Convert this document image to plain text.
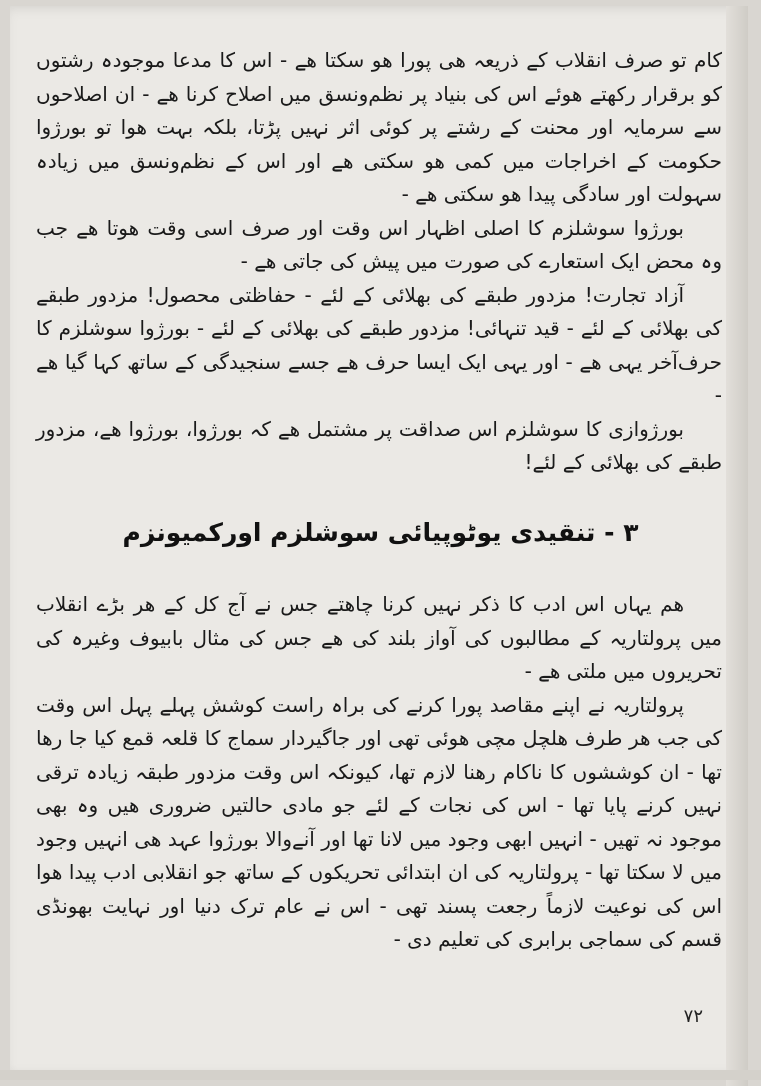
کام تو صرف انقلاب کے ذریعہ ھی پورا ھو سکتا ھے - اس کا مدعا موجودہ رشتوں کو برقرار رکھتے ھوئے اس کی بنیاد پر نظم‌ونسق میں اصلاح کرنا ھے - ان اصلاحوں سے سرمایہ اور محنت کے رشتے پر کوئی اثر نہیں پڑتا، بلکہ بہت ھوا تو بورژوا حکومت کے اخراجات میں کمی ھو سکتی ھے اور اس کے نظم‌ونسق میں زیادہ سہولت اور سادگی پیدا ھو سکتی ھے -

بورژوا سوشلزم کا اصلی اظہار اس وقت اور صرف اسی وقت ھوتا ھے جب وہ محض ایک استعارے کی صورت میں پیش کی جاتی ھے -

آزاد تجارت! مزدور طبقے کی بھلائی کے لئے - حفاظتی محصول! مزدور طبقے کی بھلائی کے لئے - قید تنہائی! مزدور طبقے کی بھلائی کے لئے - بورژوا سوشلزم کا حرف‌آخر یہی ھے - اور یہی ایک ایسا حرف ھے جسے سنجیدگی کے ساتھ کہا گیا ھے -

بورژوازی کا سوشلزم اس صداقت پر مشتمل ھے کہ بورژوا، بورژوا ھے، مزدور طبقے کی بھلائی کے لئے!

۳ - تنقیدی یوٹوپیائی سوشلزم اورکمیونزم

ھم یہاں اس ادب کا ذکر نہیں کرنا چاھتے جس نے آج کل کے ھر بڑے انقلاب میں پرولتاریہ کے مطالبوں کی آواز بلند کی ھے جس کی مثال بابیوف وغیرہ کی تحریروں میں ملتی ھے -

پرولتاریہ نے اپنے مقاصد پورا کرنے کی براہ راست کوشش پہلے پہل اس وقت کی جب ھر طرف ھلچل مچی ھوئی تھی اور جاگیردار سماج کا قلعہ قمع کیا جا رھا تھا - ان کوششوں کا ناکام رھنا لازم تھا، کیونکہ اس وقت مزدور طبقہ زیادہ ترقی نہیں کرنے پایا تھا - اس کی نجات کے لئے جو مادی حالتیں ضروری ھیں وہ بھی موجود نہ تھیں - انہیں ابھی وجود میں لانا تھا اور آنےوالا بورژوا عہد ھی انہیں وجود میں لا سکتا تھا - پرولتاریہ کی ان ابتدائی تحریکوں کے ساتھ جو انقلابی ادب پیدا ھوا اس کی نوعیت لازماً رجعت پسند تھی - اس نے عام ترک دنیا اور نہایت بھونڈی قسم کی سماجی برابری کی تعلیم دی -

۷۲
